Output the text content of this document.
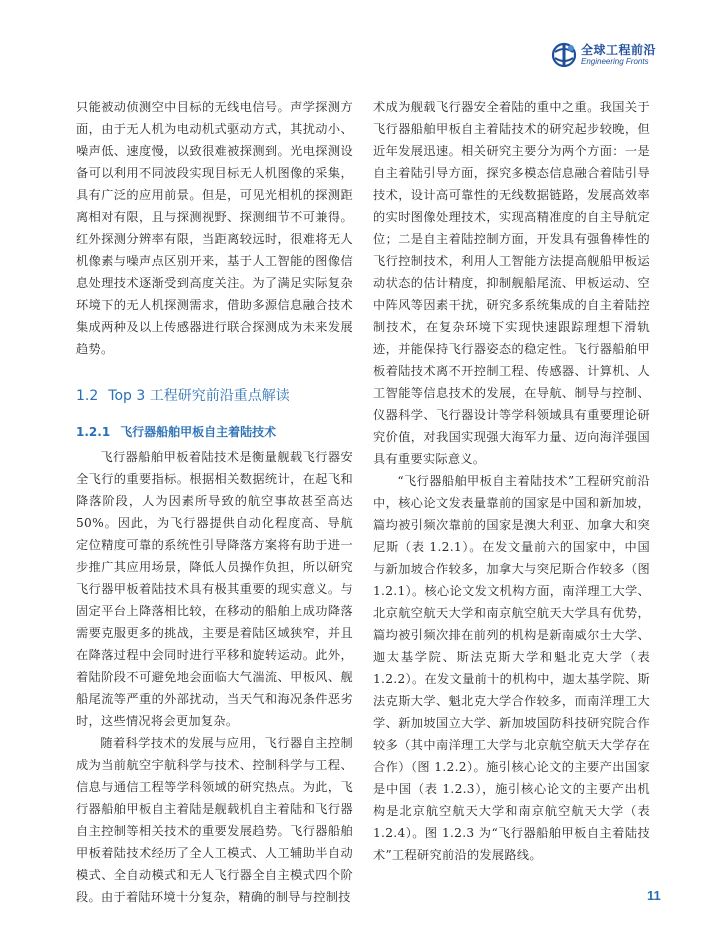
全球工程前沿
Engineering Fronts

只能被动侦测空中目标的无线电信号。声学探测方面，由于无人机为电动机式驱动方式，其扰动小、噪声低、速度慢，以致很难被探测到。光电探测设备可以利用不同波段实现目标无人机图像的采集，具有广泛的应用前景。但是，可见光相机的探测距离相对有限，且与探测视野、探测细节不可兼得。红外探测分辨率有限，当距离较远时，很难将无人机像素与噪声点区别开来，基于人工智能的图像信息处理技术逐渐受到高度关注。为了满足实际复杂环境下的无人机探测需求，借助多源信息融合技术集成两种及以上传感器进行联合探测成为未来发展趋势。

1.2 Top 3 工程研究前沿重点解读
1.2.1 飞行器船舶甲板自主着陆技术

飞行器船舶甲板着陆技术是衡量舰载飞行器安全飞行的重要指标。根据相关数据统计，在起飞和降落阶段，人为因素所导致的航空事故甚至高达50%。因此，为飞行器提供自动化程度高、导航定位精度可靠的系统性引导降落方案将有助于进一步推广其应用场景，降低人员操作负担，所以研究飞行器甲板着陆技术具有极其重要的现实意义。与固定平台上降落相比较，在移动的船舶上成功降落需要克服更多的挑战，主要是着陆区域狭窄，并且在降落过程中会同时进行平移和旋转运动。此外，着陆阶段不可避免地会面临大气湍流、甲板风、舰船尾流等严重的外部扰动，当天气和海况条件恶劣时，这些情况将会更加复杂。

随着科学技术的发展与应用，飞行器自主控制成为当前航空宇航科学与技术、控制科学与工程、信息与通信工程等学科领域的研究热点。为此，飞行器船舶甲板自主着陆是舰载机自主着陆和飞行器自主控制等相关技术的重要发展趋势。飞行器船舶甲板着陆技术经历了全人工模式、人工辅助半自动模式、全自动模式和无人飞行器全自主模式四个阶段。由于着陆环境十分复杂，精确的制导与控制技

术成为舰载飞行器安全着陆的重中之重。我国关于飞行器船舶甲板自主着陆技术的研究起步较晚，但近年发展迅速。相关研究主要分为两个方面：一是自主着陆引导方面，探究多模态信息融合着陆引导技术，设计高可靠性的无线数据链路，发展高效率的实时图像处理技术，实现高精准度的自主导航定位；二是自主着陆控制方面，开发具有强鲁棒性的飞行控制技术，利用人工智能方法提高舰船甲板运动状态的估计精度，抑制舰船尾流、甲板运动、空中阵风等因素干扰，研究多系统集成的自主着陆控制技术，在复杂环境下实现快速跟踪理想下滑轨迹，并能保持飞行器姿态的稳定性。飞行器船舶甲板着陆技术离不开控制工程、传感器、计算机、人工智能等信息技术的发展，在导航、制导与控制、仪器科学、飞行器设计等学科领域具有重要理论研究价值，对我国实现强大海军力量、迈向海洋强国具有重要实际意义。

“飞行器船舶甲板自主着陆技术”工程研究前沿中，核心论文发表量靠前的国家是中国和新加坡，篇均被引频次靠前的国家是澳大利亚、加拿大和突尼斯（表 1.2.1）。在发文量前六的国家中，中国与新加坡合作较多，加拿大与突尼斯合作较多（图 1.2.1）。核心论文发文机构方面，南洋理工大学、北京航空航天大学和南京航空航天大学具有优势，篇均被引频次排在前列的机构是新南威尔士大学、迦太基学院、斯法克斯大学和魁北克大学（表 1.2.2）。在发文量前十的机构中，迦太基学院、斯法克斯大学、魁北克大学合作较多，而南洋理工大学、新加坡国立大学、新加坡国防科技研究院合作较多（其中南洋理工大学与北京航空航天大学存在合作）（图 1.2.2）。施引核心论文的主要产出国家是中国（表 1.2.3），施引核心论文的主要产出机构是北京航空航天大学和南京航空航天大学（表 1.2.4）。图 1.2.3 为“飞行器船舶甲板自主着陆技术”工程研究前沿的发展路线。

11
